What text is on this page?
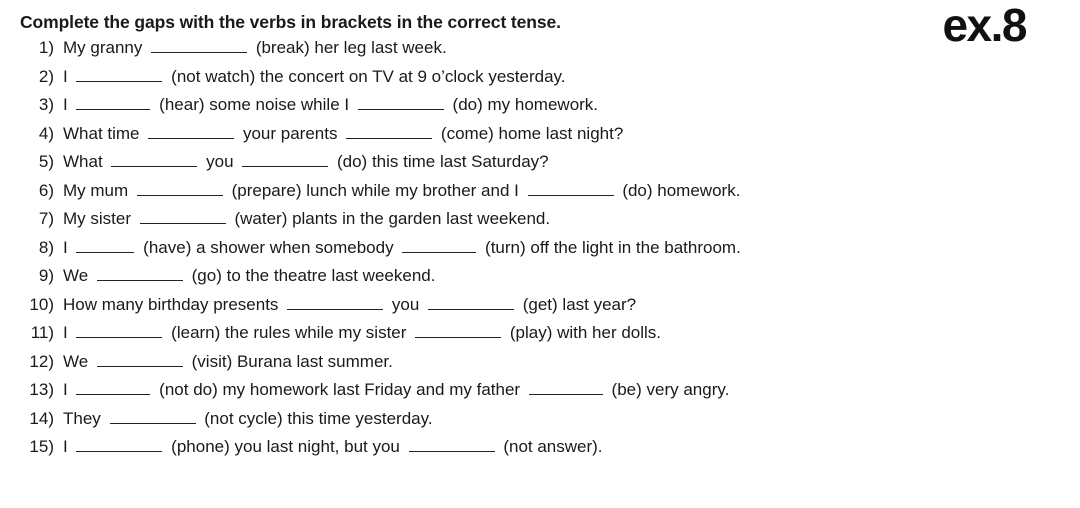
Complete the gaps with the verbs in brackets in the correct tense.	ex.8
1) My granny	(break) her leg last week.
2) I	(not watch) the concert on TV at 9 o’clock yesterday.
3) I	(hear) some noise while I	(do) my homework.
4) What time	your parents	(come) home last night?
5) What	you	(do) this time last Saturday?
6) My mum	(prepare) lunch while my brother and I	(do) homework.
7) My sister	(water) plants in the garden last weekend.
8) I	(have) a shower when somebody	(turn) off the light in the bathroom.
9) We	(go) to the theatre last weekend.
10) How many birthday presents	you	(get) last year?
11) I	(learn) the rules while my sister	(play) with her dolls.
12) We	(visit) Burana last summer.
13) I	(not do) my homework last Friday and my father	(be) very angry.
14) They	(not cycle) this time yesterday.
15) I	(phone) you last night, but you	(not answer).
